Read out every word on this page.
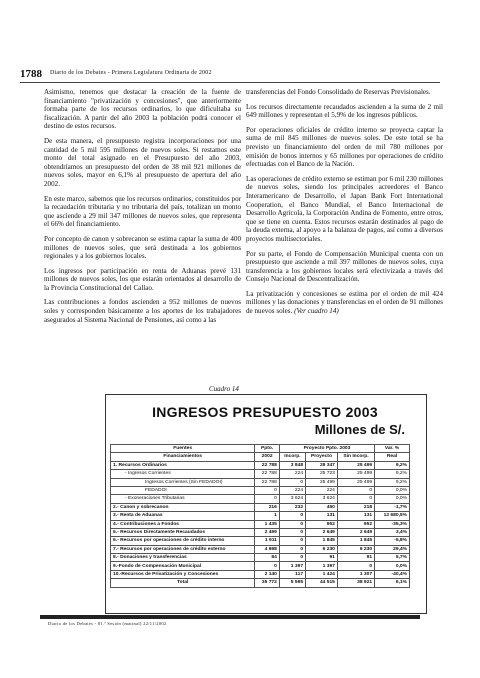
1788 Diario de los Debates - Primera Legislatura Ordinaria de 2002

Asimismo, tenemos que destacar la creación de la fuente de financiamiento "privatización y concesiones", que anteriormente formaba parte de los recursos ordinarios, lo que dificultaba su fiscalización. A partir del año 2003 la población podrá conocer el destino de estos recursos.

De esta manera, el presupuesto registra incorporaciones por una cantidad de 5 mil 595 millones de nuevos soles. Si restamos este monto del total asignado en el Presupuesto del año 2003, obtendríamos un presupuesto del orden de 38 mil 921 millones de nuevos soles, mayor en 6,1% al presupuesto de apertura del año 2002.

En este marco, sabemos que los recursos ordinarios, constituidos por la recaudación tributaria y no tributaria del país, totalizan un monto que asciende a 29 mil 347 millones de nuevos soles, que representa el 66% del financiamiento.

Por concepto de canon y sobrecanon se estima captar la suma de 400 millones de nuevos soles, que será destinada a los gobiernos regionales y a los gobiernos locales.

Los ingresos por participación en renta de Aduanas prevé 131 millones de nuevos soles, los que estarán orientados al desarrollo de la Provincia Constitucional del Callao.

Las contribuciones a fondos ascienden a 952 millones de nuevos soles y corresponden básicamente a los aportes de los trabajadores asegurados al Sistema Nacional de Pensiones, así como a las

transferencias del Fondo Consolidado de Reservas Previsionales.

Los recursos directamente recaudados ascienden a la suma de 2 mil 649 millones y representan el 5,9% de los ingresos públicos.

Por operaciones oficiales de crédito interno se proyecta captar la suma de mil 845 millones de nuevos soles. De este total se ha previsto un financiamiento del orden de mil 780 millones por emisión de bonos internos y 65 millones por operaciones de crédito efectuadas con el Banco de la Nación.

Las operaciones de crédito externo se estiman por 6 mil 230 millones de nuevos soles, siendo los principales acreedores el Banco Interamericano de Desarrollo, el Japan Bank Fort International Cooperation, el Banco Mundial, el Banco Internacional de Desarrollo Agrícola, la Corporación Andina de Fomento, entre otros, que se tiene en cuenta. Estos recursos estarán destinados al pago de la deuda externa, al apoyo a la balanza de pagos, así como a diversos proyectos multisectoriales.

Por su parte, el Fondo de Compensación Municipal cuenta con un presupuesto que asciende a mil 397 millones de nuevos soles, cuya transferencia a los gobiernos locales será efectivizada a través del Consejo Nacional de Descentralización.

La privatización y concesiones se estima por el orden de mil 424 millones y las donaciones y transferencias en el orden de 91 millones de nuevos soles. (Ver cuadro 14)

Cuadro 14
INGRESOS PRESUPUESTO 2003
Millones de S/.
Fuentes	Ppto.	Proyecto Ppto. 2003			Var. %
Financiamientos	2002	Incorp.	Proyecto	Sin Incorp.	Real
1. Recursos Ordinarios	22 788	3 848	29 347	25 499	9,2%
- Ingresos Corrientes	22 788	224	25 723	25 499	9,2%
Ingresos Corrientes (Sin FEDADOI)	22 788	0	25 499	25 499	9,2%
FEDADOI	0	224	224	0	0,0%
- Exoneraciones Tributarias	0	3 624	3 624	0	0,0%
2.- Canon y sobrecanon	216	232	450	218	-1,7%
3.- Renta de Aduanas	1	0	131	131	12 680,5%
4.- Contribuciones a Fondos	1 435	0	952	952	-35,3%
5.- Recursos Directamente Recaudados	2 499	0	2 649	2 649	3,4%
6.- Recursos por operaciones de crédito interno	1 911	0	1 845	1 845	-5,8%
7.- Recursos por operaciones de crédito externo	4 698	0	6 230	6 230	29,4%
8.- Donaciones y transferencias	84	0	91	91	5,7%
9.-Fondo de Compensación Municipal	0	1 397	1 397	0	0,0%
10.-Recursos de Privatización y Concesiones	2 140	117	1 424	1 307	-40,4%
Total	35 772	5 595	44 515	38 921	6,1%
Diario de los Debates - 81.ª Sesión (matinal) 22/11/2002
